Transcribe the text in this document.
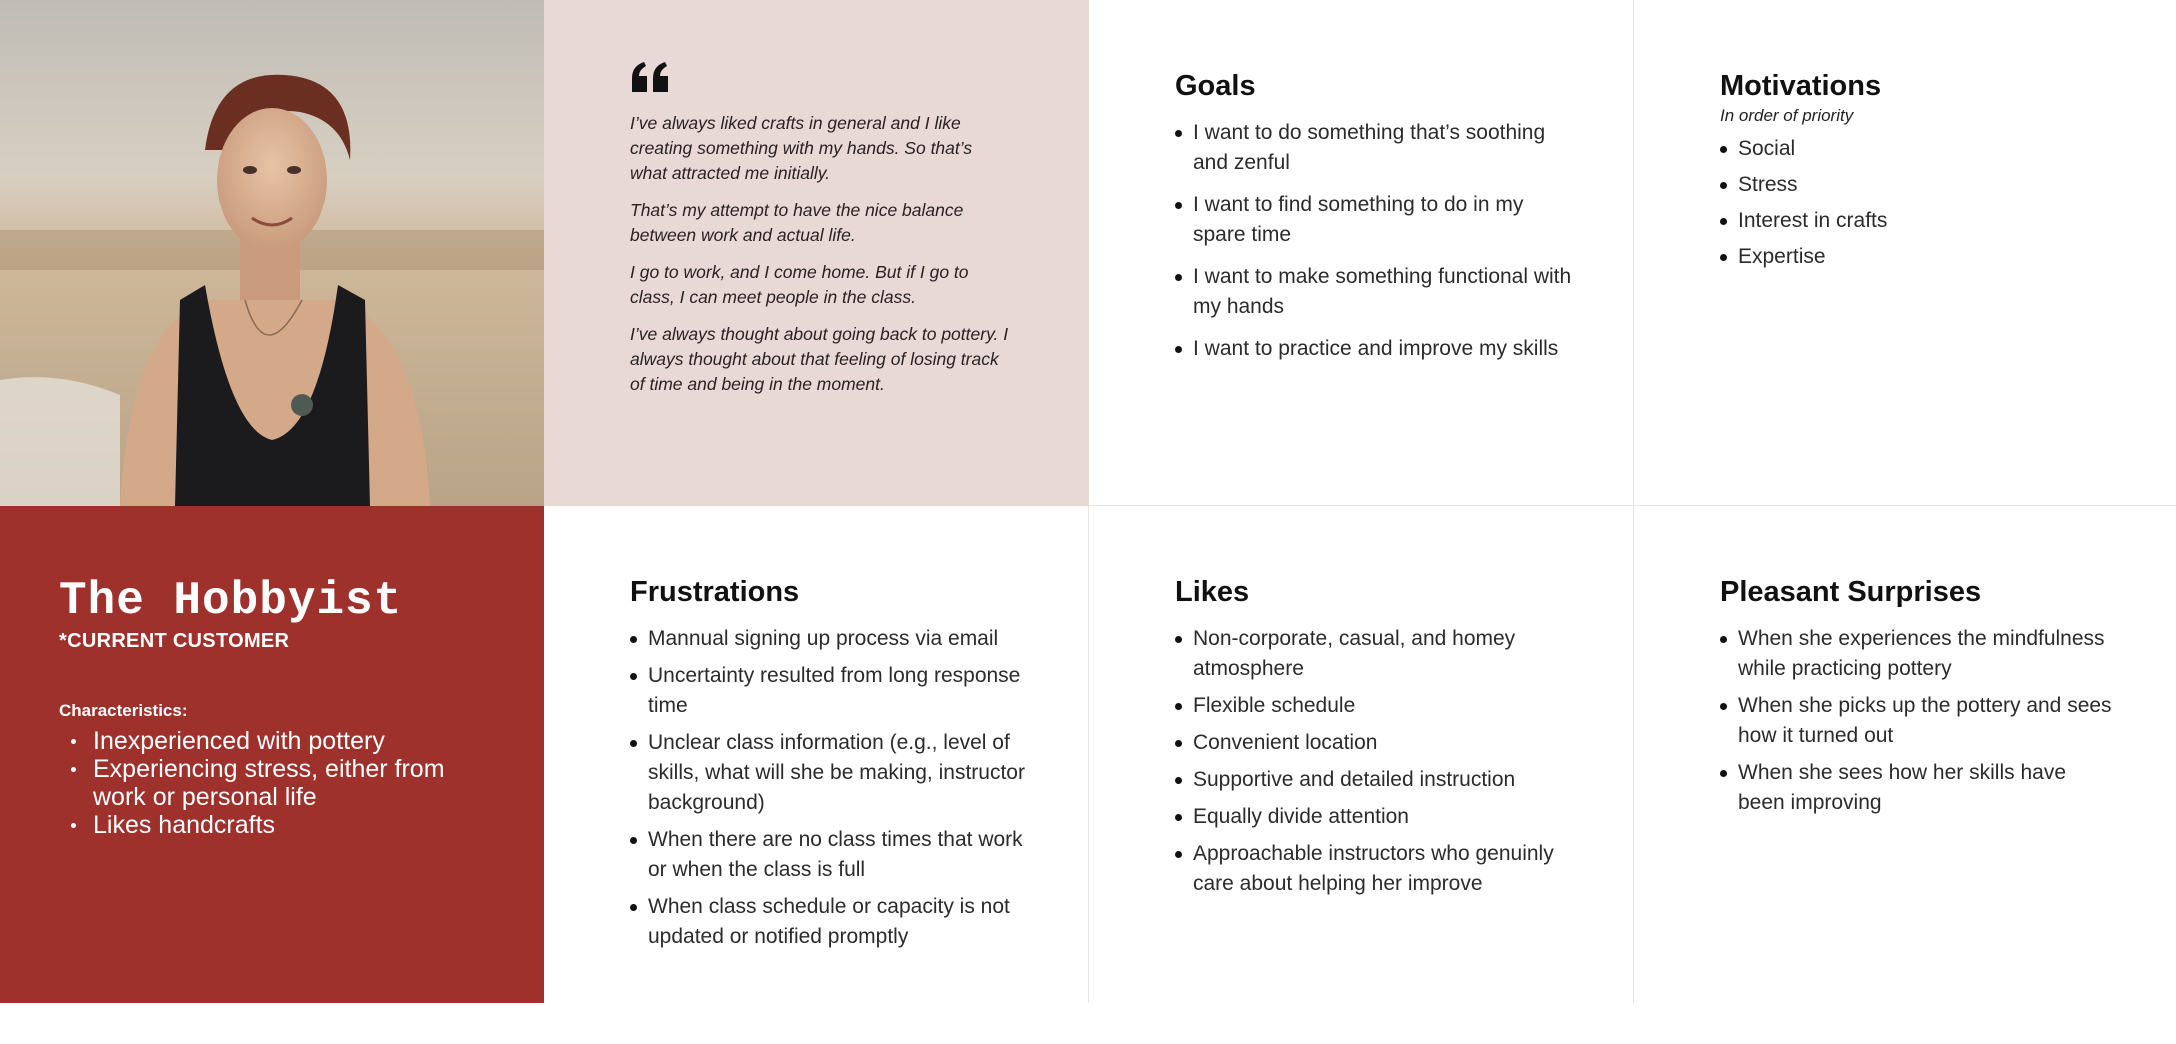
I’ve always liked crafts in general and I like creating something with my hands. So that’s what attracted me initially.

That’s my attempt to have the nice balance between work and actual life.

I go to work, and I come home. But if I go to class, I can meet people in the class.

I’ve always thought about going back to pottery. I always thought about that feeling of losing track of time and being in the moment.

Goals
I want to do something that’s soothing and zenful
I want to find something to do in my spare time
I want to make something functional with my hands
I want to practice and improve my skills
Motivations

In order of priority

Social
Stress
Interest in crafts
Expertise
The Hobbyist

*CURRENT CUSTOMER

Characteristics:

Inexperienced with pottery
Experiencing stress, either from work or personal life
Likes handcrafts
Frustrations
Mannual signing up process via email
Uncertainty resulted from long response time
Unclear class information (e.g., level of skills, what will she be making, instructor background)
When there are no class times that work or when the class is full
When class schedule or capacity is not updated or notified promptly
Likes
Non-corporate, casual, and homey atmosphere
Flexible schedule
Convenient location
Supportive and detailed instruction
Equally divide attention
Approachable instructors who genuinly care about helping her improve
Pleasant Surprises
When she experiences the mindfulness while practicing pottery
When she picks up the pottery and sees how it turned out
When she sees how her skills have been improving
